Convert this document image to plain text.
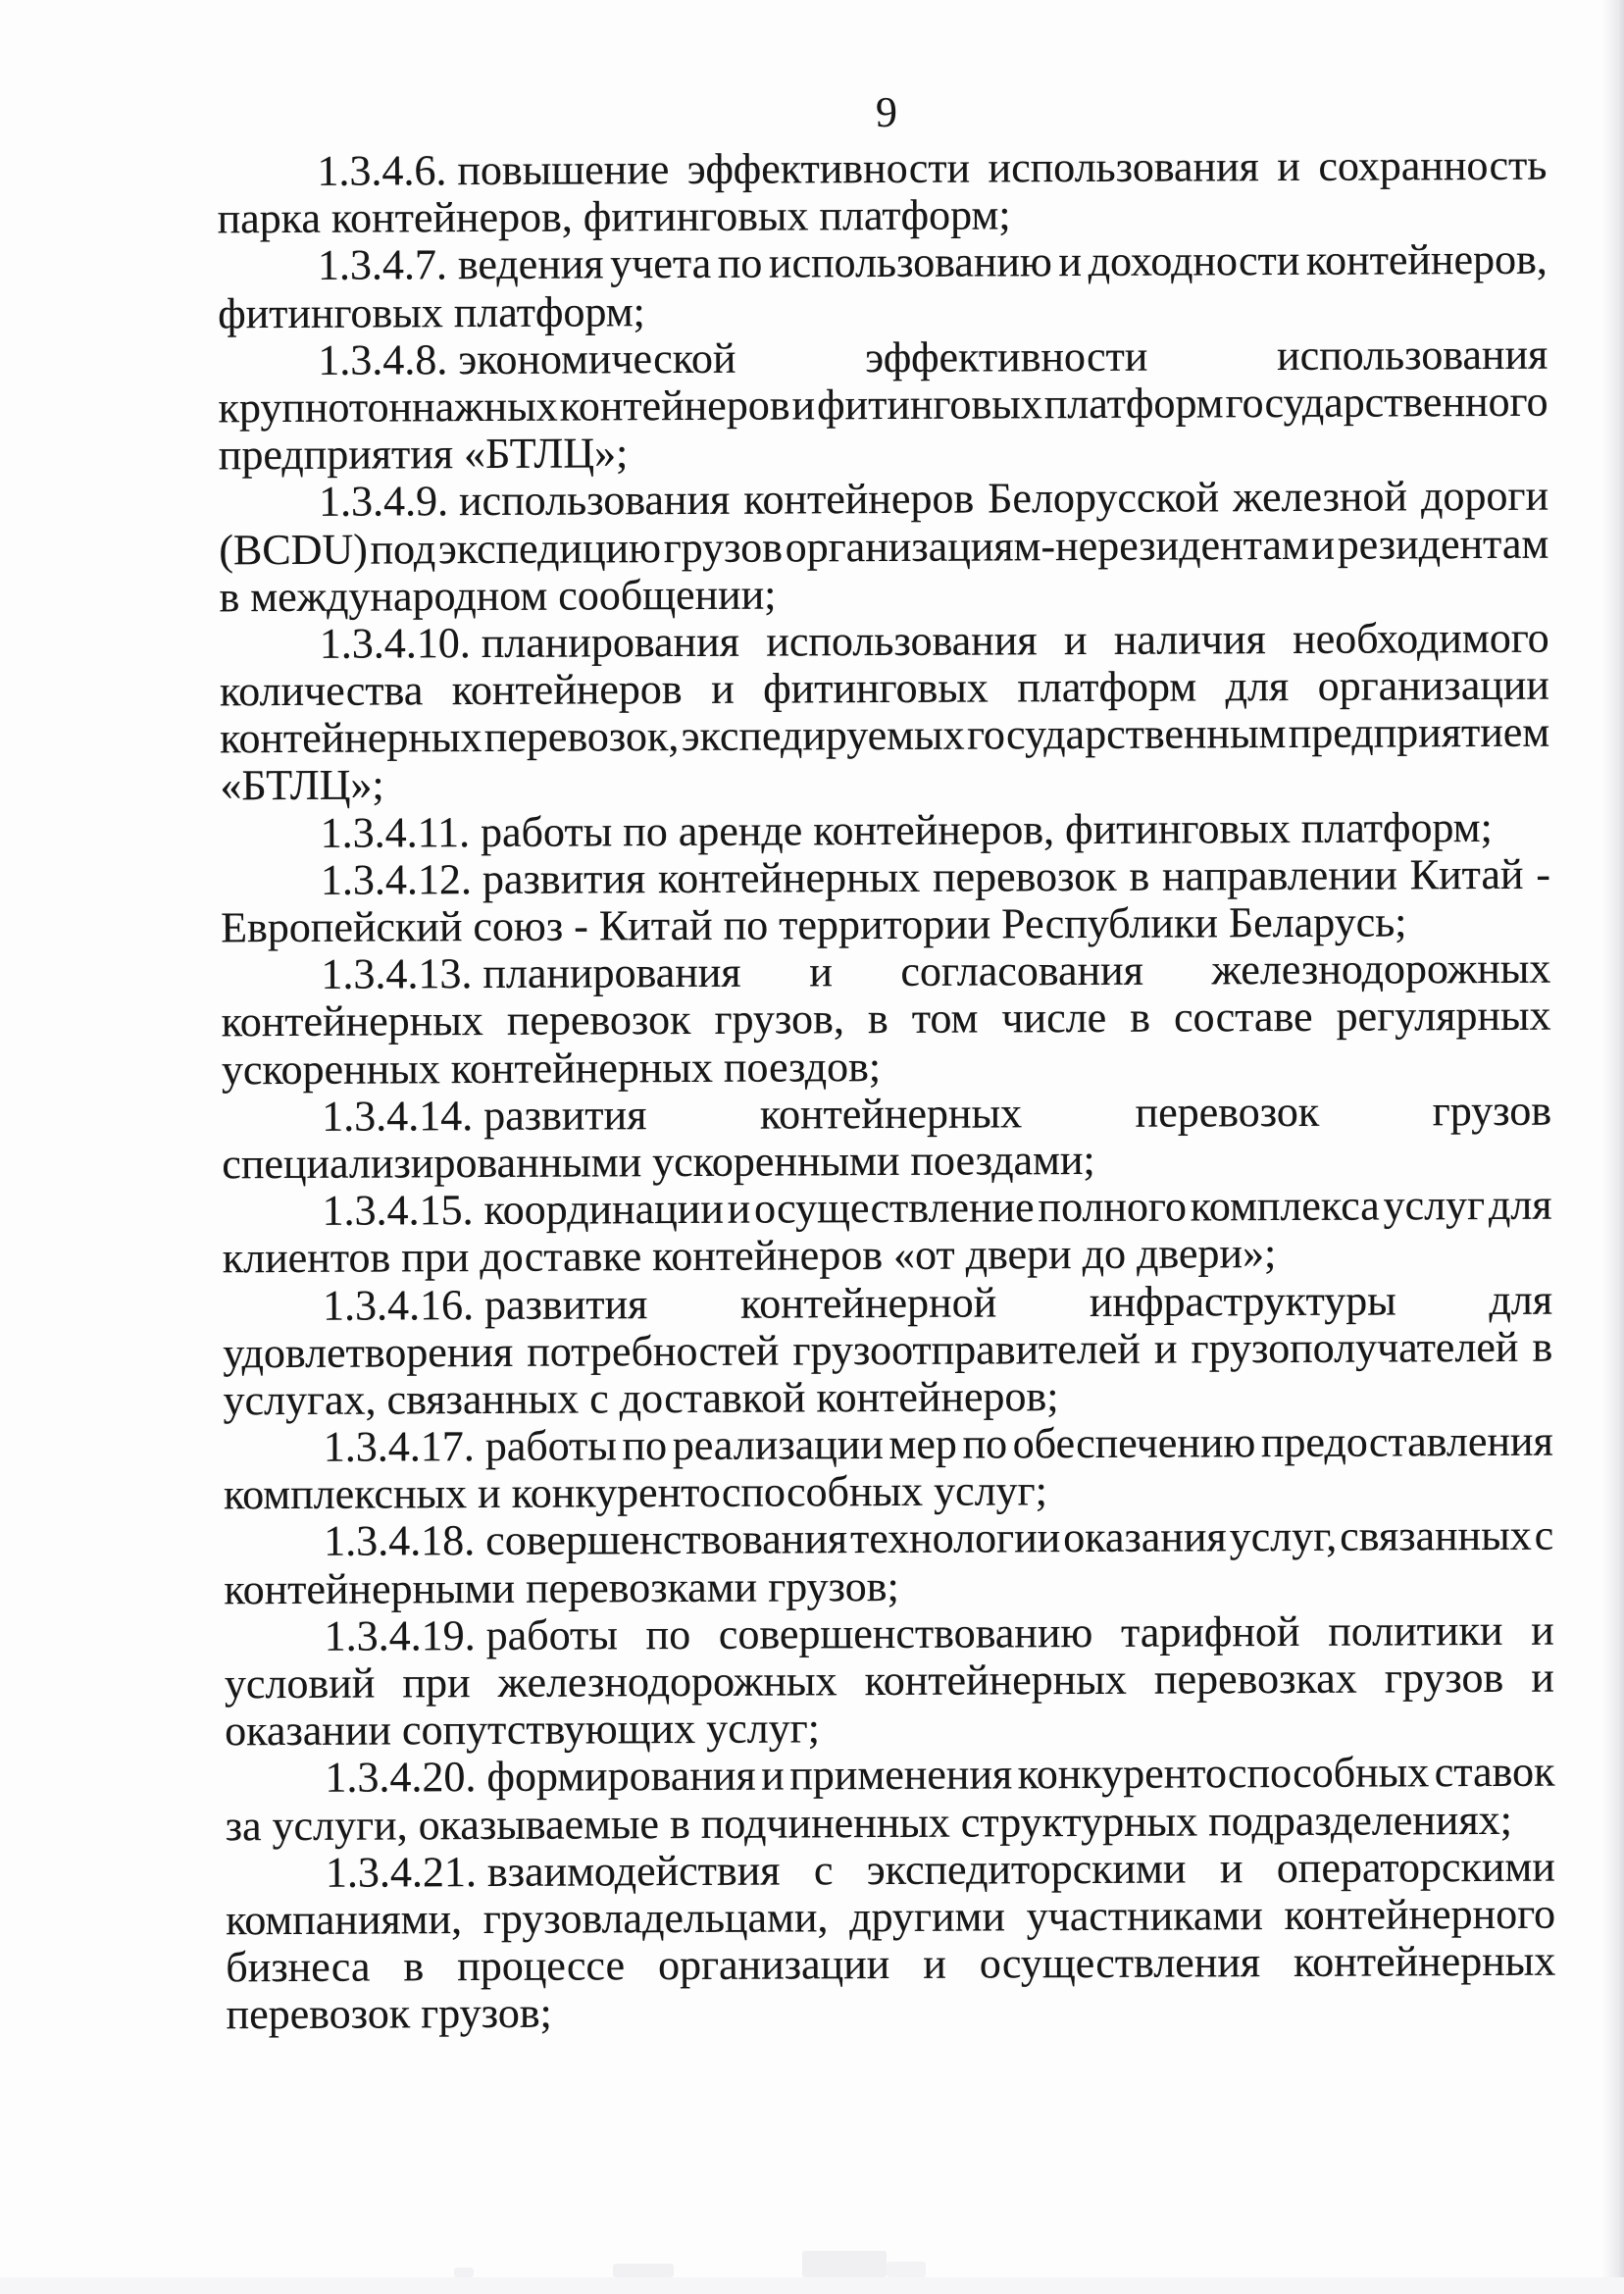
9
1.3.4.6. повышение эффективности использования и сохранность
парка контейнеров, фитинговых платформ;
1.3.4.7. ведения учета по использованию и доходности контейнеров,
фитинговых платформ;
1.3.4.8. экономической	эффективности	использования
крупнотоннажных контейнеров и фитинговых платформ государственного
предприятия «БТЛЦ»;
1.3.4.9. использования контейнеров Белорусской железной дороги
(BCDU) под экспедицию грузов организациям-нерезидентам и резидентам
в международном сообщении;
1.3.4.10. планирования использования и наличия необходимого
количества контейнеров и фитинговых платформ для организации
контейнерных перевозок, экспедируемых государственным предприятием
«БТЛЦ»;
1.3.4.11. работы по аренде контейнеров, фитинговых платформ;
1.3.4.12. развития контейнерных перевозок в направлении Китай -
Европейский союз - Китай по территории Республики Беларусь;
1.3.4.13. планирования и согласования железнодорожных
контейнерных перевозок грузов, в том числе в составе регулярных
ускоренных контейнерных поездов;
1.3.4.14. развития	контейнерных	перевозок	грузов
специализированными ускоренными поездами;
1.3.4.15. координации и осуществление полного комплекса услуг для
клиентов при доставке контейнеров «от двери до двери»;
1.3.4.16. развития контейнерной инфраструктуры для
удовлетворения потребностей грузоотправителей и грузополучателей в
услугах, связанных с доставкой контейнеров;
1.3.4.17. работы по реализации мер по обеспечению предоставления
комплексных и конкурентоспособных услуг;
1.3.4.18. совершенствования технологии оказания услуг, связанных с
контейнерными перевозками грузов;
1.3.4.19. работы по совершенствованию тарифной политики и
условий при железнодорожных контейнерных перевозках грузов и
оказании сопутствующих услуг;
1.3.4.20. формирования и применения конкурентоспособных ставок
за услуги, оказываемые в подчиненных структурных подразделениях;
1.3.4.21. взаимодействия с экспедиторскими и операторскими
компаниями, грузовладельцами, другими участниками контейнерного
бизнеса в процессе организации и осуществления контейнерных
перевозок грузов;
